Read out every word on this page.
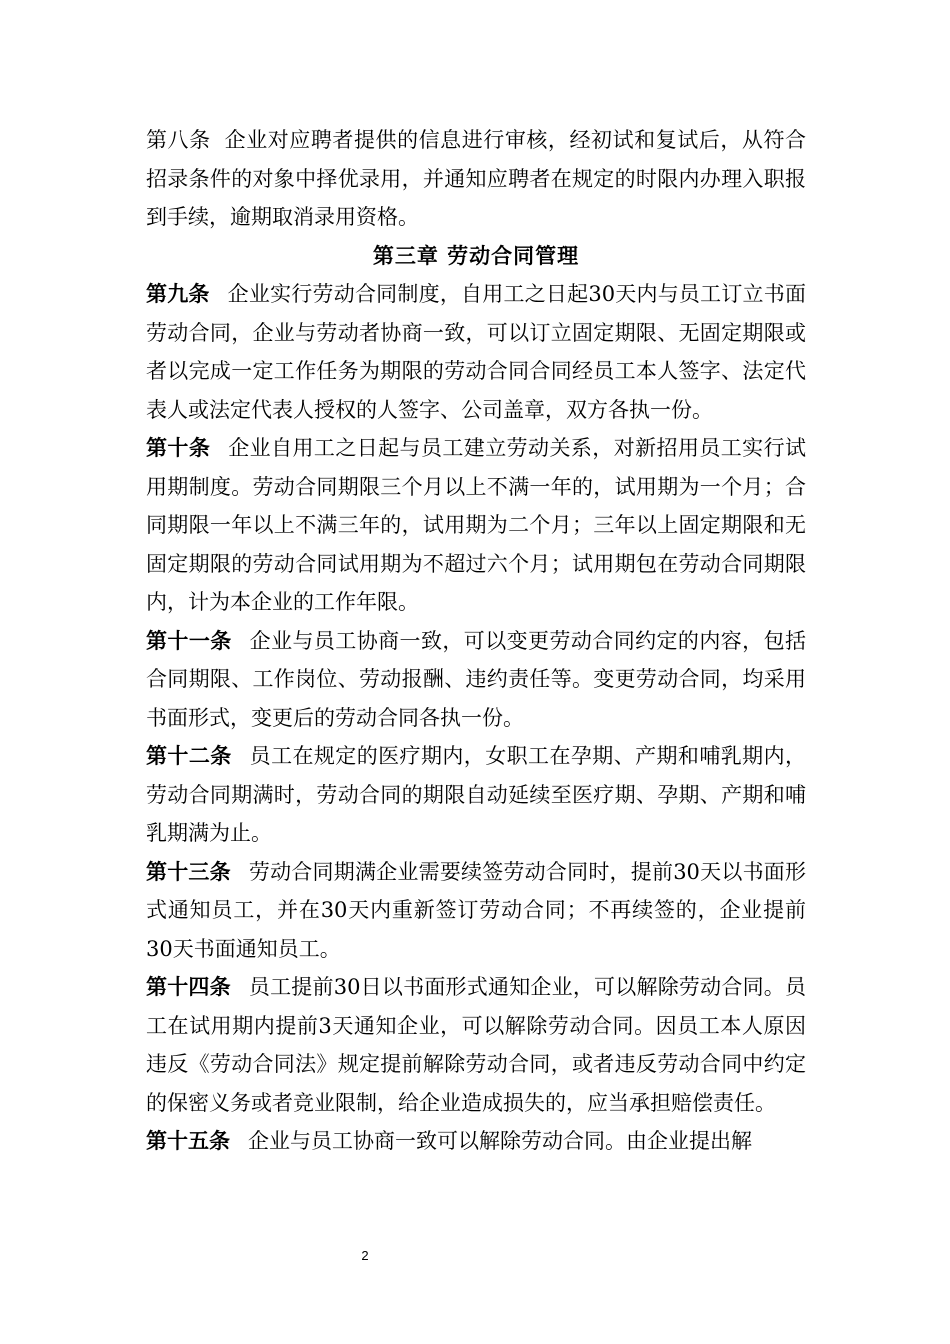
第八条 企业对应聘者提供的信息进行审核，经初试和复试后，从符合招录条件的对象中择优录用，并通知应聘者在规定的时限内办理入职报到手续，逾期取消录用资格。

第三章 劳动合同管理

第九条 企业实行劳动合同制度，自用工之日起30天内与员工订立书面劳动合同，企业与劳动者协商一致，可以订立固定期限、无固定期限或者以完成一定工作任务为期限的劳动合同合同经员工本人签字、法定代表人或法定代表人授权的人签字、公司盖章，双方各执一份。

第十条 企业自用工之日起与员工建立劳动关系，对新招用员工实行试用期制度。劳动合同期限三个月以上不满一年的，试用期为一个月；合同期限一年以上不满三年的，试用期为二个月；三年以上固定期限和无固定期限的劳动合同试用期为不超过六个月；试用期包在劳动合同期限内，计为本企业的工作年限。

第十一条 企业与员工协商一致，可以变更劳动合同约定的内容，包括合同期限、工作岗位、劳动报酬、违约责任等。变更劳动合同，均采用书面形式，变更后的劳动合同各执一份。

第十二条 员工在规定的医疗期内，女职工在孕期、产期和哺乳期内，劳动合同期满时，劳动合同的期限自动延续至医疗期、孕期、产期和哺乳期满为止。

第十三条 劳动合同期满企业需要续签劳动合同时，提前30天以书面形式通知员工，并在30天内重新签订劳动合同；不再续签的，企业提前30天书面通知员工。

第十四条 员工提前30日以书面形式通知企业，可以解除劳动合同。员工在试用期内提前3天通知企业，可以解除劳动合同。因员工本人原因违反《劳动合同法》规定提前解除劳动合同，或者违反劳动合同中约定的保密义务或者竞业限制，给企业造成损失的，应当承担赔偿责任。

第十五条 企业与员工协商一致可以解除劳动合同。由企业提出解

2
